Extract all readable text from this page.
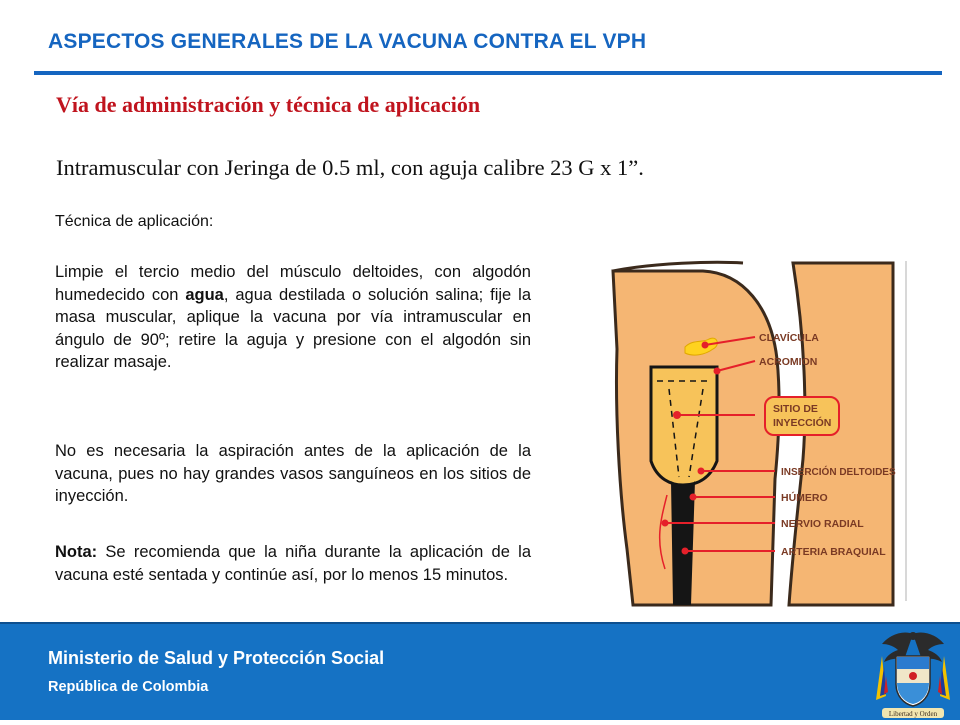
ASPECTOS GENERALES DE LA VACUNA CONTRA EL VPH
Vía de administración y técnica de aplicación
Intramuscular con Jeringa de 0.5 ml, con aguja calibre 23 G x 1”.
Técnica de aplicación:
Limpie el tercio medio del músculo deltoides, con algodón humedecido con agua, agua destilada o solución salina; fije la masa muscular, aplique la vacuna por vía intramuscular en ángulo de 90º; retire la aguja y presione con el algodón sin realizar masaje.
No es necesaria la aspiración antes de la aplicación de la vacuna, pues no hay grandes vasos sanguíneos en los sitios de inyección.
Nota: Se recomienda que la niña durante la aplicación de la vacuna esté sentada y continúe así, por lo menos 15 minutos.
CLAVÍCULA
ACROMION
SITIO DE
INYECCIÓN
INSERCIÓN DELTOIDES
HÚMERO
NERVIO RADIAL
ARTERIA BRAQUIAL
Ministerio de Salud y Protección Social
República de Colombia
Libertad y Orden
